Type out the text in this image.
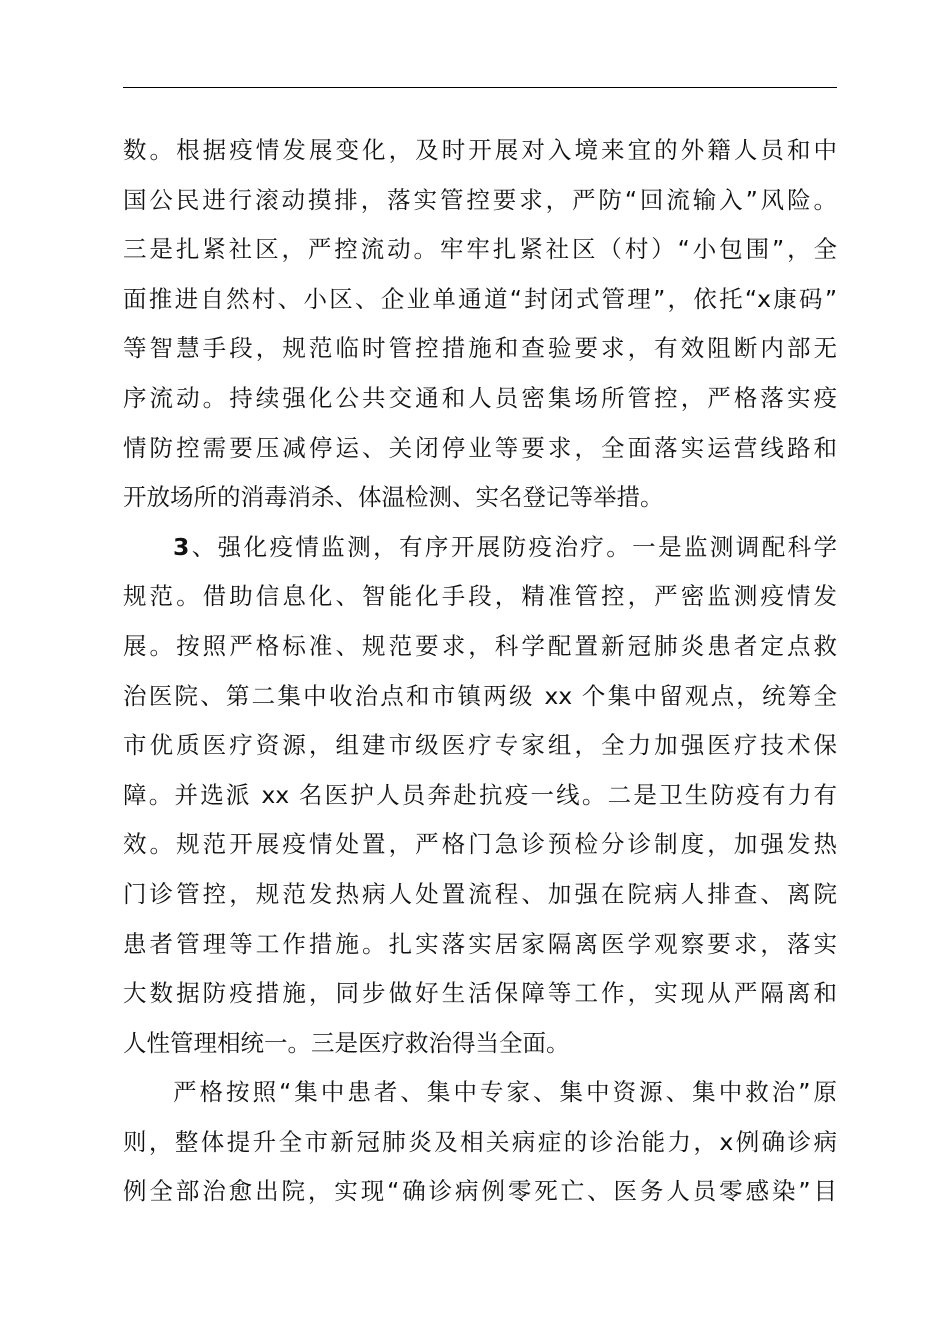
数。根据疫情发展变化，及时开展对入境来宜的外籍人员和中
国公民进行滚动摸排，落实管控要求，严防“回流输入”风险。
三是扎紧社区，严控流动。牢牢扎紧社区（村）“小包围”，全
面推进自然村、小区、企业单通道“封闭式管理”，依托“x康码”
等智慧手段，规范临时管控措施和查验要求，有效阻断内部无
序流动。持续强化公共交通和人员密集场所管控，严格落实疫
情防控需要压减停运、关闭停业等要求，全面落实运营线路和
开放场所的消毒消杀、体温检测、实名登记等举措。
3、强化疫情监测，有序开展防疫治疗。一是监测调配科学
规范。借助信息化、智能化手段，精准管控，严密监测疫情发
展。按照严格标准、规范要求，科学配置新冠肺炎患者定点救
治医院、第二集中收治点和市镇两级 xx 个集中留观点，统筹全
市优质医疗资源，组建市级医疗专家组，全力加强医疗技术保
障。并选派 xx 名医护人员奔赴抗疫一线。二是卫生防疫有力有
效。规范开展疫情处置，严格门急诊预检分诊制度，加强发热
门诊管控，规范发热病人处置流程、加强在院病人排查、离院
患者管理等工作措施。扎实落实居家隔离医学观察要求，落实
大数据防疫措施，同步做好生活保障等工作，实现从严隔离和
人性管理相统一。三是医疗救治得当全面。
严格按照“集中患者、集中专家、集中资源、集中救治”原
则，整体提升全市新冠肺炎及相关病症的诊治能力，x例确诊病
例全部治愈出院，实现“确诊病例零死亡、医务人员零感染”目
